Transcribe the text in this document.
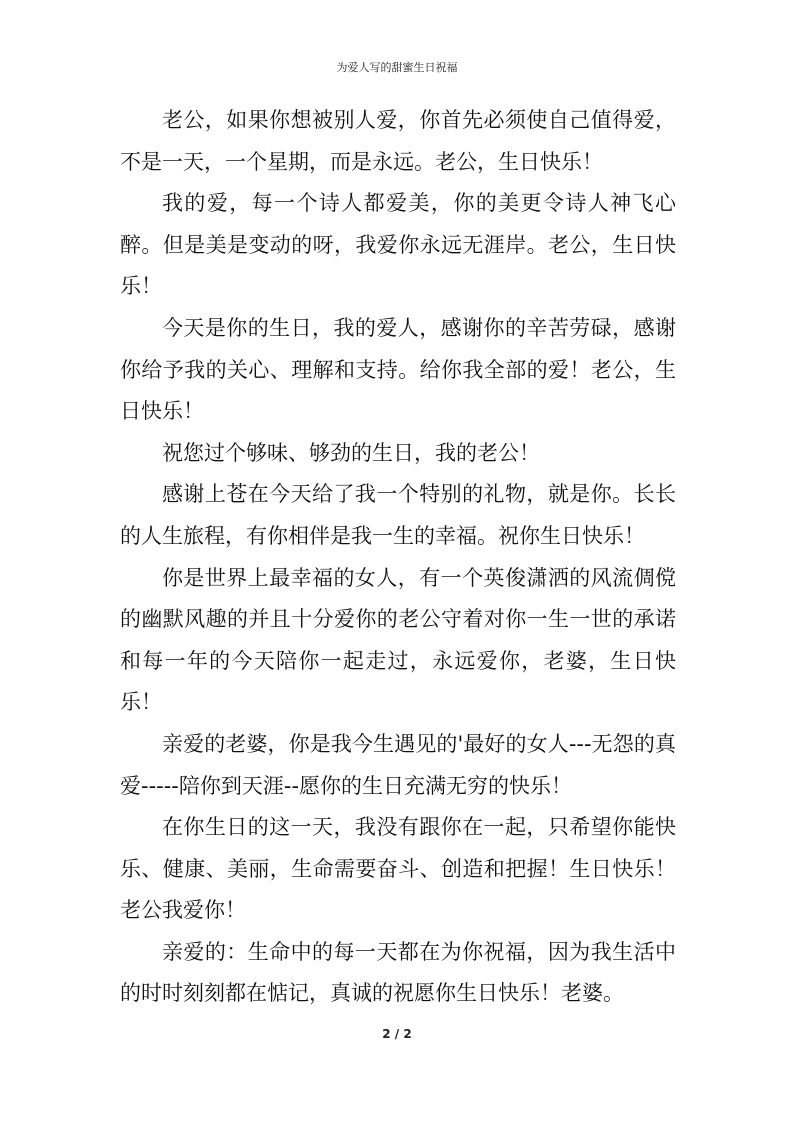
为爱人写的甜蜜生日祝福

老公，如果你想被别人爱，你首先必须使自己值得爱，不是一天，一个星期，而是永远。老公，生日快乐！

我的爱，每一个诗人都爱美，你的美更令诗人神飞心醉。但是美是变动的呀，我爱你永远无涯岸。老公，生日快乐！

今天是你的生日，我的爱人，感谢你的辛苦劳碌，感谢你给予我的关心、理解和支持。给你我全部的爱！老公，生日快乐！

祝您过个够味、够劲的生日，我的老公！

感谢上苍在今天给了我一个特别的礼物，就是你。长长的人生旅程，有你相伴是我一生的幸福。祝你生日快乐！

你是世界上最幸福的女人，有一个英俊潇洒的风流倜傥的幽默风趣的并且十分爱你的老公守着对你一生一世的承诺和每一年的今天陪你一起走过，永远爱你，老婆，生日快乐！

亲爱的老婆，你是我今生遇见的'最好的女人---无怨的真爱-----陪你到天涯--愿你的生日充满无穷的快乐！

在你生日的这一天，我没有跟你在一起，只希望你能快乐、健康、美丽，生命需要奋斗、创造和把握！生日快乐！老公我爱你！

亲爱的：生命中的每一天都在为你祝福，因为我生活中的时时刻刻都在惦记，真诚的祝愿你生日快乐！老婆。

2 / 2
